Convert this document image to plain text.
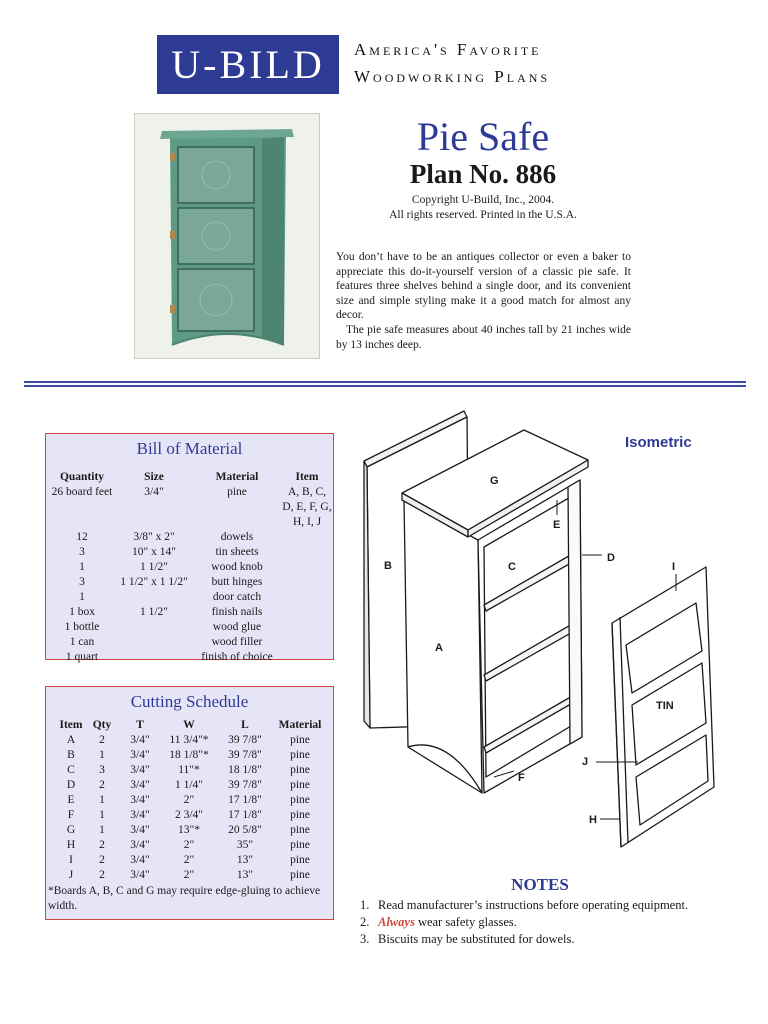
U-BILD	America's Favorite
Woodworking Plans
Pie Safe
Plan No. 886
Copyright U-Build, Inc., 2004.
All rights reserved. Printed in the U.S.A.

You don’t have to be an antiques collector or even a baker to appreciate this do-it-yourself version of a classic pie safe. It features three shelves behind a single door, and its convenient size and simple styling make it a good match for almost any decor.

The pie safe measures about 40 inches tall by 21 inches wide by 13 inches deep.

Bill of Material
Quantity	Size	Material	Item
26 board feet	3/4"	pine	A, B, C, D, E, F, G, H, I, J
12	3/8" x 2"	dowels	
3	10" x 14"	tin sheets	
1	1 1/2"	wood knob	
3	1 1/2" x 1 1/2"	butt hinges	
1		door catch	
1 box	1 1/2"	finish nails	
1 bottle		wood glue	
1 can		wood filler	
1 quart		finish of choice	
Cutting Schedule
Item	Qty	T	W	L	Material
A	2	3/4"	11 3/4"*	39 7/8"	pine
B	1	3/4"	18 1/8"*	39 7/8"	pine
C	3	3/4"	11"*	18 1/8"	pine
D	2	3/4"	1 1/4"	39 7/8"	pine
E	1	3/4"	2"	17 1/8"	pine
F	1	3/4"	2 3/4"	17 1/8"	pine
G	1	3/4"	13"*	20 5/8"	pine
H	2	3/4"	2"	35"	pine
I	2	3/4"	2"	13"	pine
J	2	3/4"	2"	13"	pine
*Boards A, B, C and G may require edge-gluing to achieve width.
Isometric
G
E
B	C
D
I
A
TIN
J
F
H
NOTES
1. Read manufacturer’s instructions before operating equipment.
2. Always wear safety glasses.
3. Biscuits may be substituted for dowels.
